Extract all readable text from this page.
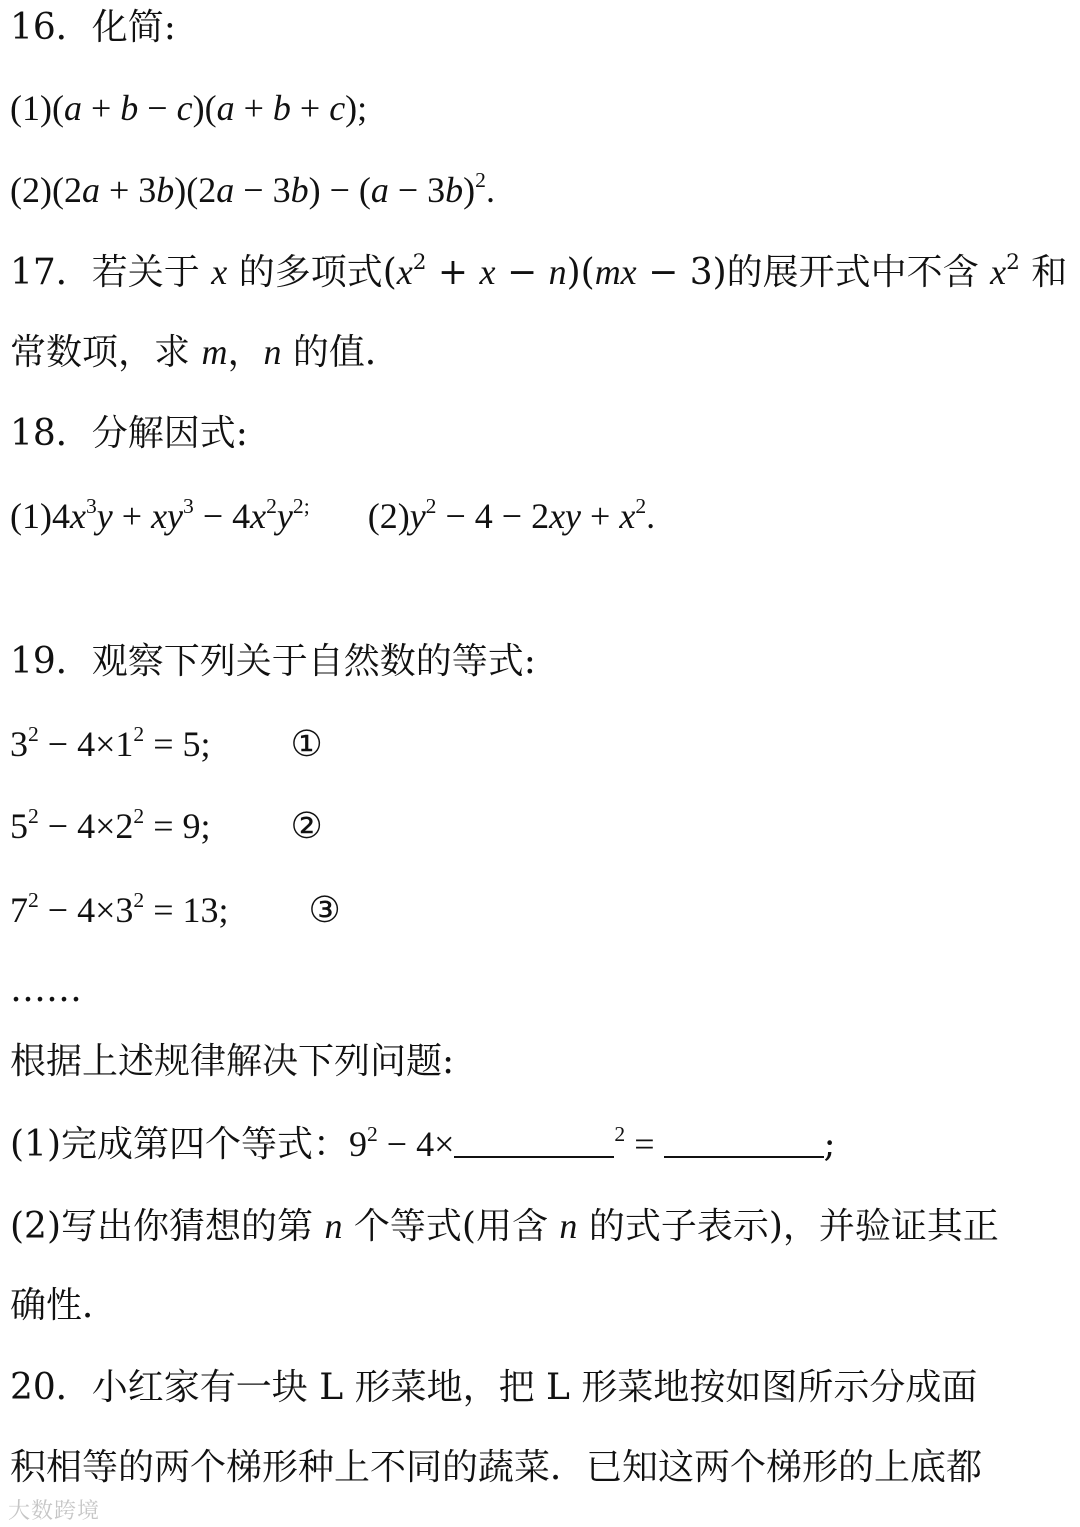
16．化简:
(1)(a + b − c)(a + b + c);
$(2)(2a + 3b)(2a - 3b) - (a - 3b)^2$.
17．若关于 x 的多项式$(x^2 + x - n)(mx - 3)$的展开式中不含 $x^2$ 和
常数项，求 m，n 的值．
18．分解因式:
$(1)4x^3y + xy^3 - 4x^2y^{2;}$ $(2)y^2 - 4 - 2xy + x^2$.
19．观察下列关于自然数的等式:
$3^2 - 4\times 1^2 = 5$; ①
$5^2 - 4\times 2^2 = 9$; ②
$7^2 - 4\times 3^2 = 13$; ③
……
根据上述规律解决下列问题:
(1)完成第四个等式：$9^2 - 4\times$	$^2$ =	;
(2)写出你猜想的第 n 个等式(用含 n 的式子表示)，并验证其正
确性．
20．小红家有一块 L 形菜地，把 L 形菜地按如图所示分成面
积相等的两个梯形种上不同的蔬菜．已知这两个梯形的上底都
大数跨境
